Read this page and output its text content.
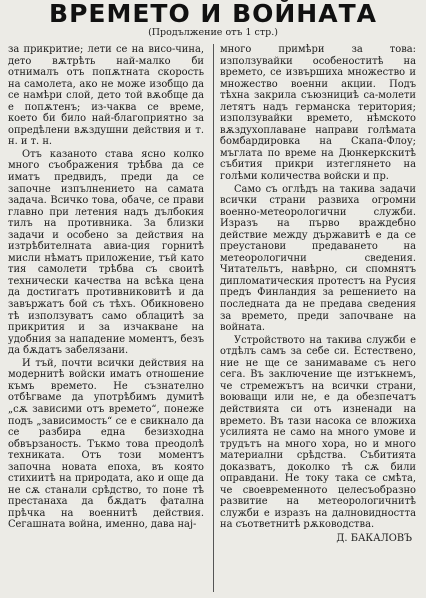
ВРЕМЕТО И ВОЙНАТА
(Продължение отъ 1 стр.)

за прикритие; лети се на висо-чина, дето вѫтрѣть най-малко би отнималъ отъ попѫтната скорость на самолета, ако не може изобщо да се намѣри слой, дето той вѫобще да е попѫтенъ; из-чаква се време, което би било най-благоприятно за опредѣлени вѫздушни действия и т. н. и т. н.

Отъ казаното става ясно колко много съображения трѣбва да се иматъ предвидъ, преди да се започне изпълнението на самата задача. Всичко това, обаче, се прави главно при летения надъ дълбокия тилъ на противника. За близки задачи и особено за действия на изтрѣбителната авиа-ция горнитѣ мисли нѣматъ приложение, тъй като тия самолети трѣбва съ своитѣ технически качества на всѣка цена да достигатъ противниковитѣ и да завържатъ бой съ тѣхъ. Обикновено тѣ използуватъ само облацитѣ за прикрития и за изчакване на удобния за нападение моментъ, безъ да бѫдатъ забелязани.

И тъй, почти всички действия на модернитѣ войски иматъ отношение къмъ времето. Не съзнателно отбѣгваме да употрѣбимъ думитѣ „сѫ зависими отъ времето“, понеже подъ „зависимость“ се е свикнало да се разбира една безизходна обвързаность. Тъкмо това преодолѣ техниката. Отъ този моментъ започна новата епоха, въ която стихиитѣ на природата, ако и още да не сѫ станали срѣдство, то поне тѣ престанаха да бѫдатъ фатална прѣчка на военнитѣ действия. Сегашната война, именно, дава нај-

много примѣри за това: използувайки особеноститѣ на времето, се извършиха множество и множество военни акции. Подъ тѣхна закрила съюзнициѣ са-молети летятъ надъ германска територия; използувайки времето, нѣмското вѫздухоплаване направи голѣмата бомбардировка на Скапа-Флоу; мъглата по време на Дюнкеркскитѣ събития прикри изтеглянето на голѣми количества войски и пр.

Само съ оглѣдъ на такива задачи всички страни развиха огромни военно-метеорологични служби. Изразъ на първо враждебно действие между държавитѣ е да се преустанови предаването на метеорологични сведения. Читательтъ, навѣрно, си спомнятъ дипломатическия протестъ на Русия предъ Финландия за решението на последната да не предава сведения за времето, преди започване на войната.

Устройството на такива служби е отдѣлъ самъ за себе си. Естествено, ние не ще се занимаваме съ него сега. Въ заключение ще изтъкнемъ, че стремежътъ на всички страни, воюващи или не, е да обезпечатъ действията си отъ изненади на времето. Въ тази насока се вложиха усилията не само на много умове и трудътъ на много хора, но и много материални срѣдства. Събитията доказватъ, доколко тѣ сѫ били оправдани. Не току така се смѣта, че своевременното целесъобразно развитие на метеорологичнитѣ служби е изразъ на далновидността на съответнитѣ рѫководства.

Д. БАКАЛОВЪ
